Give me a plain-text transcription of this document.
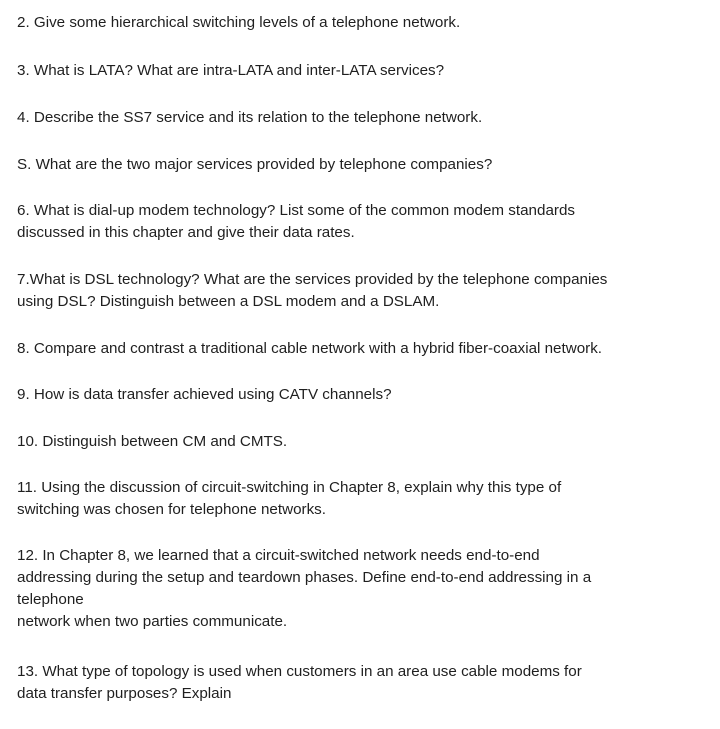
2. Give some hierarchical switching levels of a telephone network.

3. What is LATA? What are intra-LATA and inter-LATA services?

4. Describe the SS7 service and its relation to the telephone network.

S. What are the two major services provided by telephone companies?

6. What is dial-up modem technology? List some of the common modem standards
discussed in this chapter and give their data rates.

7.What is DSL technology? What are the services provided by the telephone companies
using DSL? Distinguish between a DSL modem and a DSLAM.

8. Compare and contrast a traditional cable network with a hybrid fiber-coaxial network.

9. How is data transfer achieved using CATV channels?

10. Distinguish between CM and CMTS.

11. Using the discussion of circuit-switching in Chapter 8, explain why this type of
switching was chosen for telephone networks.

12. In Chapter 8, we learned that a circuit-switched network needs end-to-end
addressing during the setup and teardown phases. Define end-to-end addressing in a
telephone
network when two parties communicate.

13. What type of topology is used when customers in an area use cable modems for
data transfer purposes? Explain
